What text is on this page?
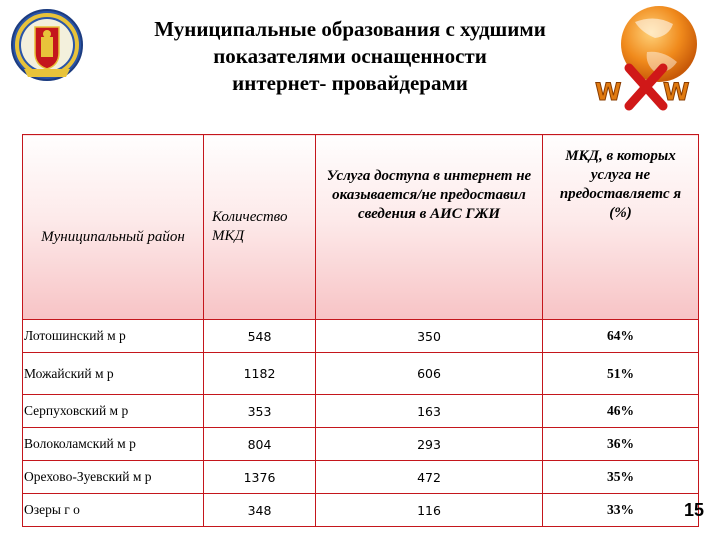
Муниципальные образования с худшими
показателями оснащенности
интернет- провайдерами	W W
Муниципальный район	Количество МКД	Услуга доступа в интернет не оказывается/не предоставил сведения в АИС ГЖИ	МКД, в которых услуга не предоставляетс я (%)
Лотошинский м р	548	350	64%
Можайский м р	1182	606	51%
Серпуховский м р	353	163	46%
Волоколамский м р	804	293	36%
Орехово-Зуевский м р	1376	472	35%
Озеры г о	348	116	33%	15
